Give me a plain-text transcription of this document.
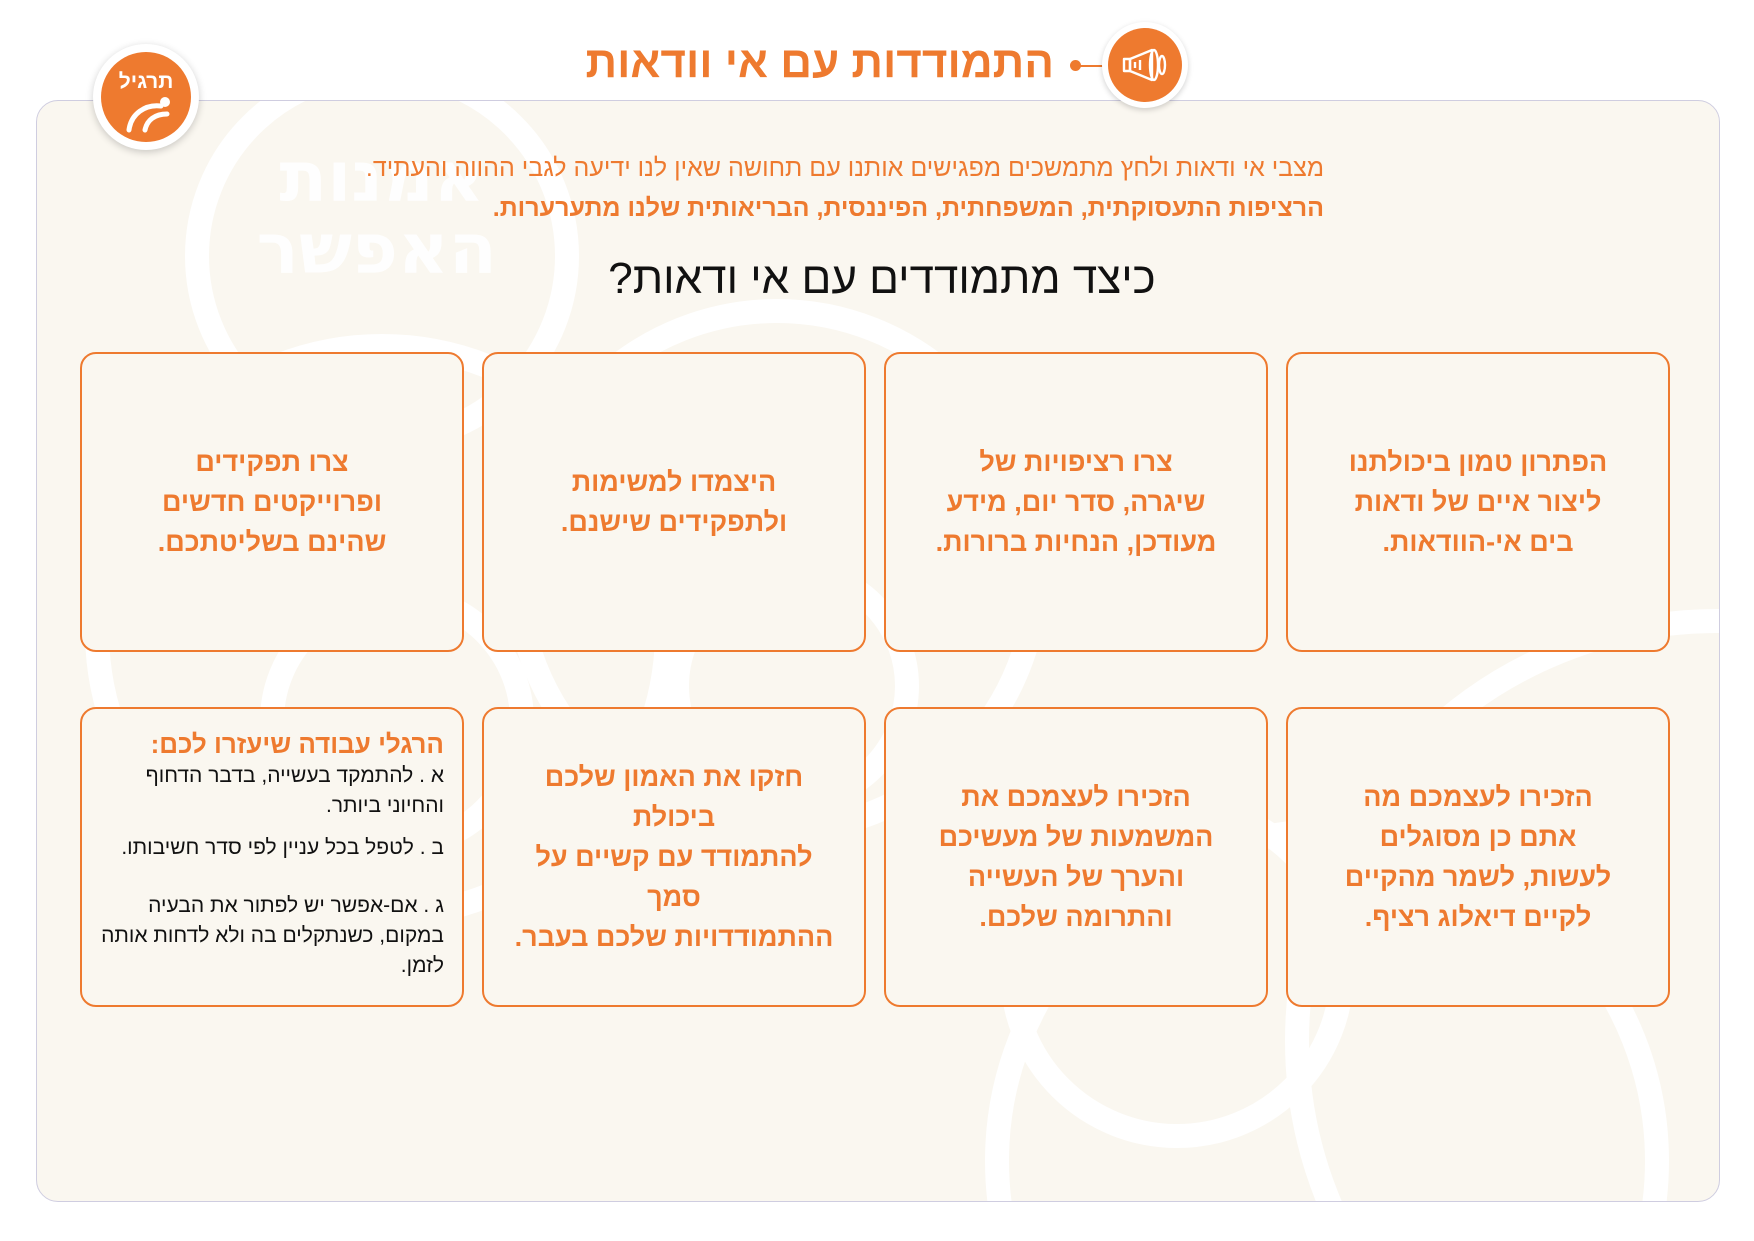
אמנות
האפשר
התמודדות עם אי וודאות
תרגיל
מצבי אי ודאות ולחץ מתמשכים מפגישים אותנו עם תחושה שאין לנו ידיעה לגבי ההווה והעתיד.
הרציפות התעסוקתית, המשפחתית, הפיננסית, הבריאותית שלנו מתערערות.
כיצד מתמודדים עם אי ודאות?
הפתרון טמון ביכולתנו
ליצור איים של ודאות
בים אי-הוודאות.
צרו רציפויות של
שיגרה, סדר יום, מידע
מעודכן, הנחיות ברורות.
היצמדו למשימות
ולתפקידים שישנם.
צרו תפקידים
ופרוייקטים חדשים
שהינם בשליטתכם.
הזכירו לעצמכם מה
אתם כן מסוגלים
לעשות, לשמר מהקיים
לקיים דיאלוג רציף.
הזכירו לעצמכם את
המשמעות של מעשיכם
והערך של העשייה
והתרומה שלכם.
חזקו את האמון שלכם ביכולת
להתמודד עם קשיים על סמך
ההתמודדויות שלכם בעבר.
הרגלי עבודה שיעזרו לכם:
א . להתמקד בעשייה, בדבר הדחוף והחיוני ביותר.
ב . לטפל בכל עניין לפי סדר חשיבותו.
ג . אם-אפשר יש לפתור את הבעיה במקום, כשנתקלים בה ולא לדחות אותה לזמן.
